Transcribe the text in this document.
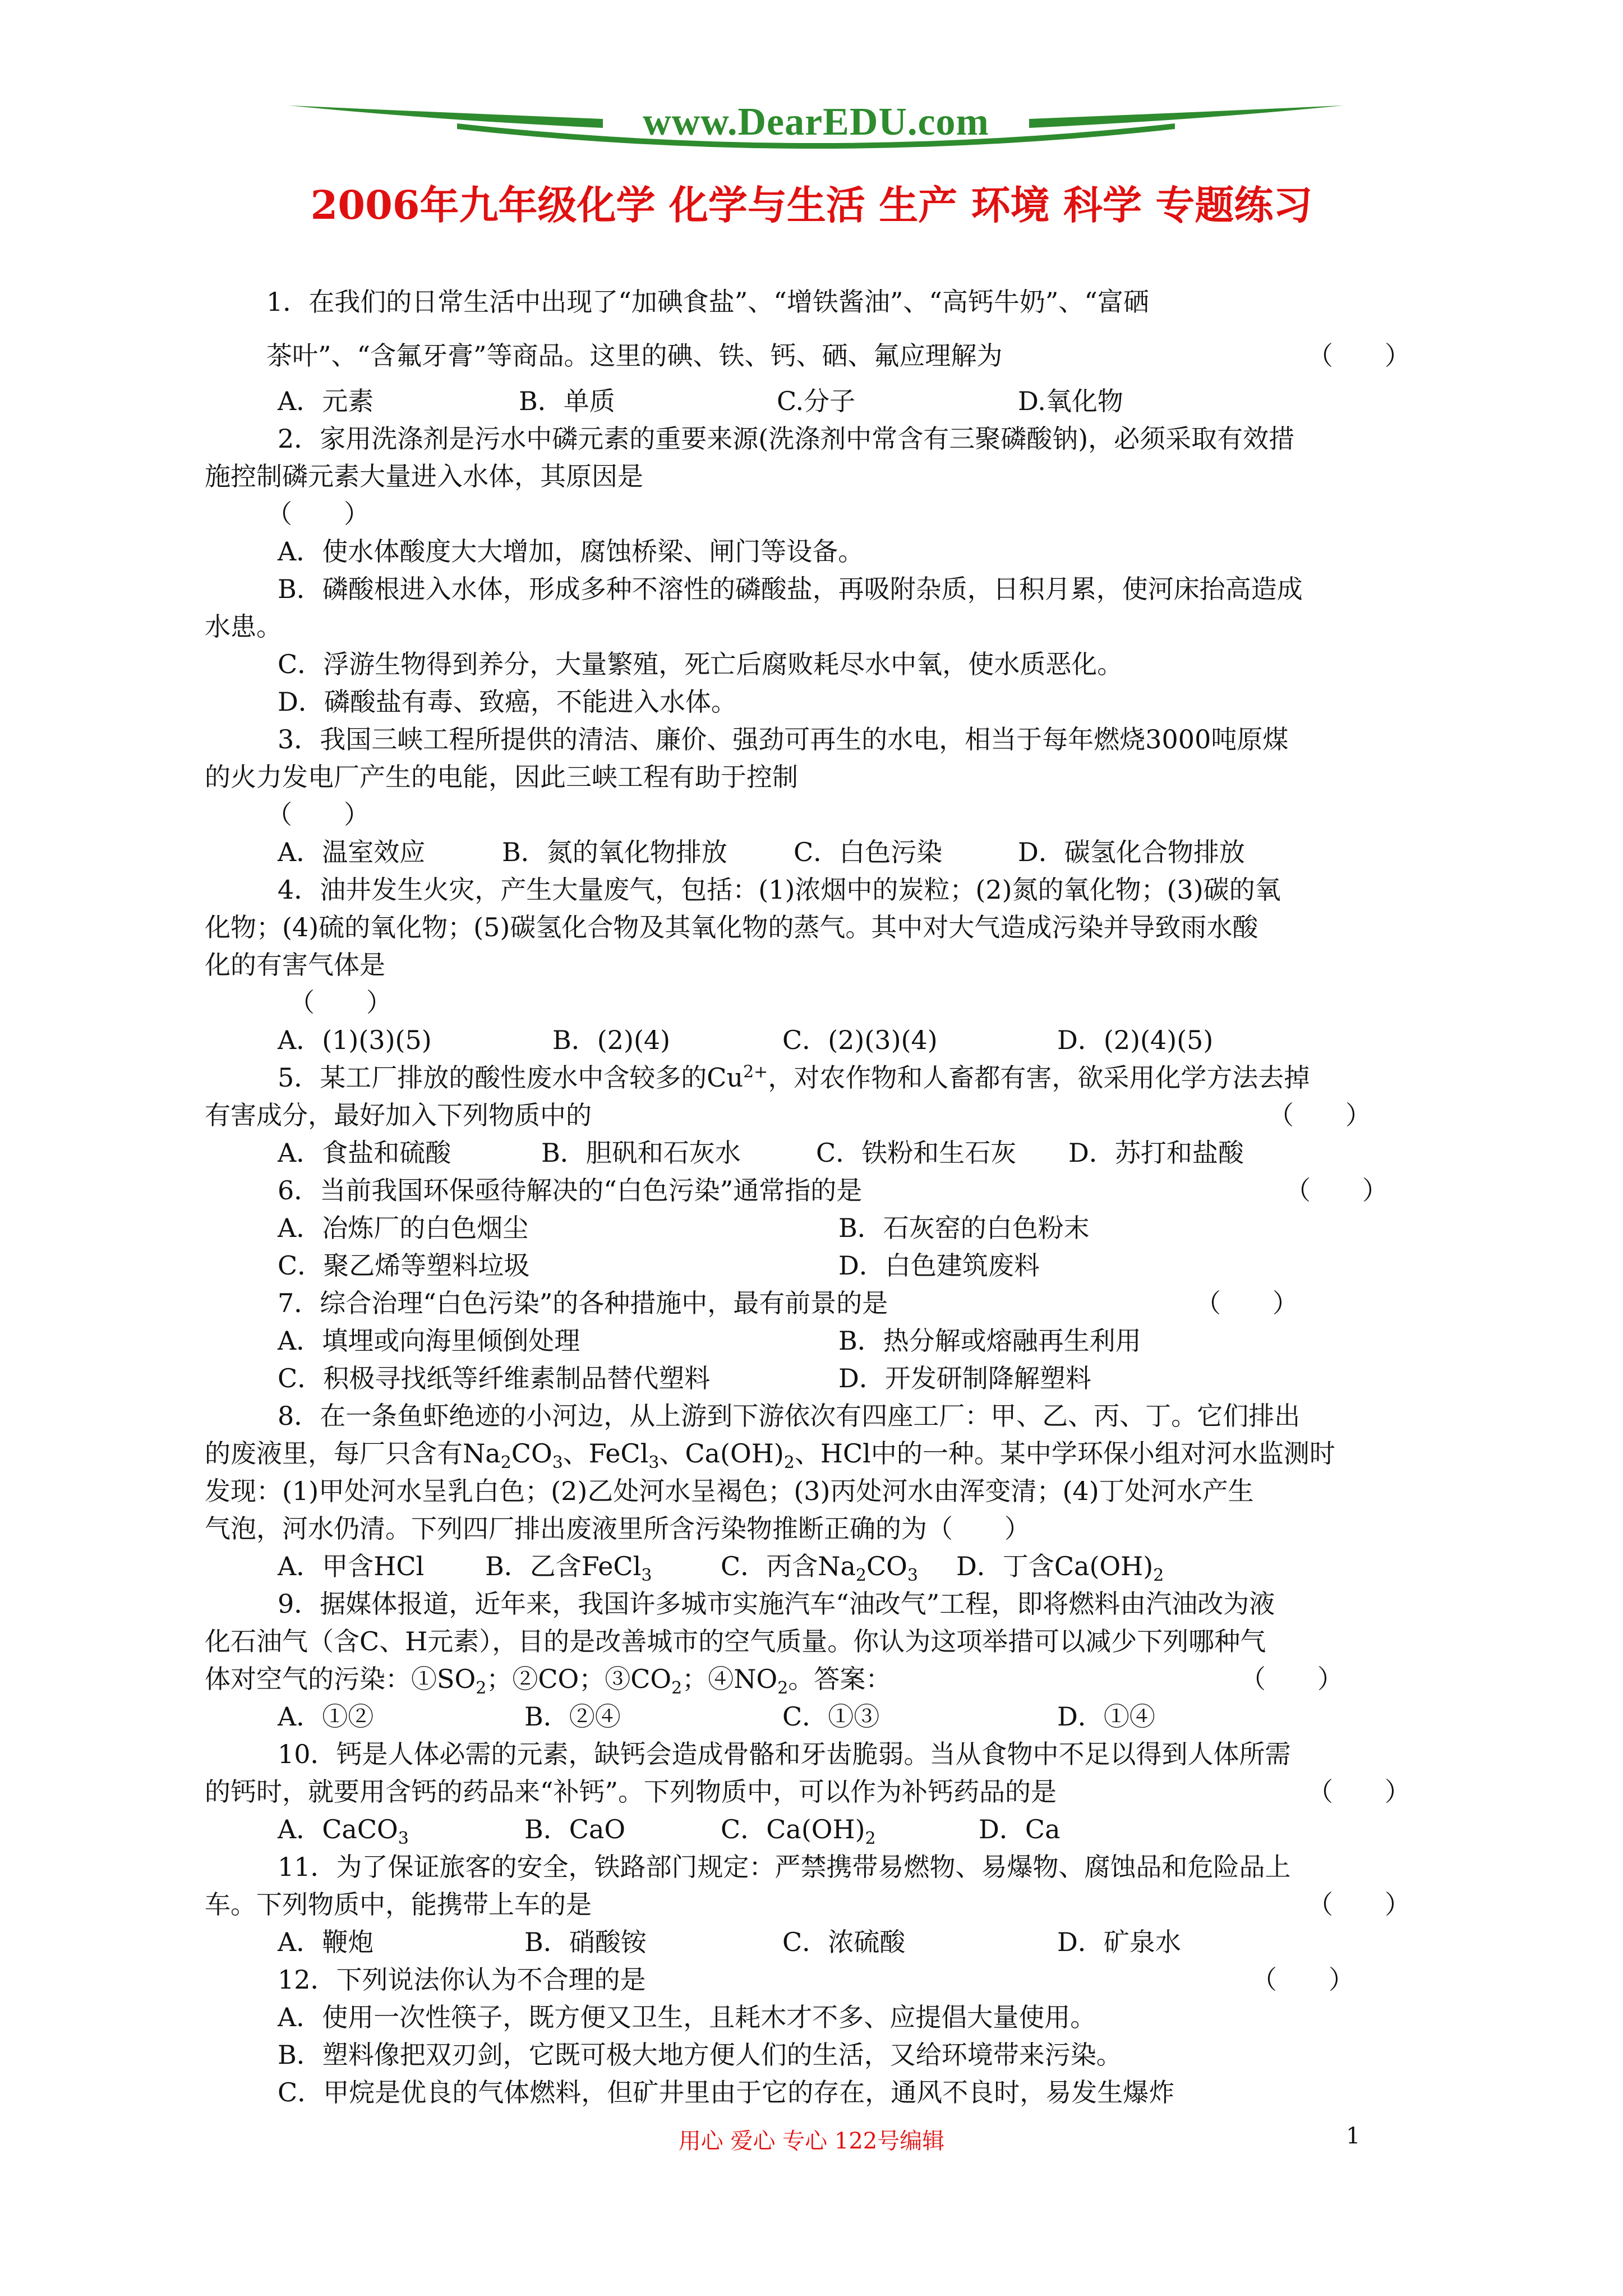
www.DearEDU.com
2006年九年级化学 化学与生活 生产 环境 科学 专题练习
1．在我们的日常生活中出现了“加碘食盐”、“增铁酱油”、“高钙牛奶”、“富硒
茶叶”、“含氟牙膏”等商品。这里的碘、铁、钙、硒、氟应理解为	（　　）
A．元素	B．单质	C.分子	D.氧化物
2．家用洗涤剂是污水中磷元素的重要来源(洗涤剂中常含有三聚磷酸钠)，必须采取有效措
施控制磷元素大量进入水体，其原因是
（　　）
A．使水体酸度大大增加，腐蚀桥梁、闸门等设备。
B．磷酸根进入水体，形成多种不溶性的磷酸盐，再吸附杂质，日积月累，使河床抬高造成
水患。
C．浮游生物得到养分，大量繁殖，死亡后腐败耗尽水中氧，使水质恶化。
D．磷酸盐有毒、致癌，不能进入水体。
3．我国三峡工程所提供的清洁、廉价、强劲可再生的水电，相当于每年燃烧3000吨原煤
的火力发电厂产生的电能，因此三峡工程有助于控制
（　　）
A．温室效应	B．氮的氧化物排放	C．白色污染	D．碳氢化合物排放
4．油井发生火灾，产生大量废气，包括：(1)浓烟中的炭粒；(2)氮的氧化物；(3)碳的氧
化物；(4)硫的氧化物；(5)碳氢化合物及其氧化物的蒸气。其中对大气造成污染并导致雨水酸
化的有害气体是
（　　）
A．(1)(3)(5)	B．(2)(4)	C．(2)(3)(4)	D．(2)(4)(5)
5．某工厂排放的酸性废水中含较多的$Cu^{2+}$，对农作物和人畜都有害，欲采用化学方法去掉
有害成分，最好加入下列物质中的	（　　）
A．食盐和硫酸	B．胆矾和石灰水	C．铁粉和生石灰 D．苏打和盐酸
6．当前我国环保亟待解决的“白色污染”通常指的是	（　　）
A．冶炼厂的白色烟尘	B．石灰窑的白色粉末
C．聚乙烯等塑料垃圾	D．白色建筑废料
7．综合治理“白色污染”的各种措施中，最有前景的是	（　　）
A．填埋或向海里倾倒处理	B．热分解或熔融再生利用
C．积极寻找纸等纤维素制品替代塑料	D．开发研制降解塑料
8．在一条鱼虾绝迹的小河边，从上游到下游依次有四座工厂：甲、乙、丙、丁。它们排出
的废液里，每厂只含有$Na_2CO_3$、FeCl$_3$、$Ca(OH)_2$、HCl中的一种。某中学环保小组对河水监测时
发现：(1)甲处河水呈乳白色；(2)乙处河水呈褐色；(3)丙处河水由浑变清；(4)丁处河水产生
气泡，河水仍清。下列四厂排出废液里所含污染物推断正确的为（　　）
A．甲含HCl B．乙含FeCl$_3$	C．丙含$Na_2CO_3$ D．丁含$Ca(OH)_2$
9．据媒体报道，近年来，我国许多城市实施汽车“油改气”工程，即将燃料由汽油改为液
化石油气（含C、H元素），目的是改善城市的空气质量。你认为这项举措可以减少下列哪种气
体对空气的污染：$①SO_2$；②CO；$③CO_2$；$④NO_2$。答案：	（　　）
A．①②	B．②④	C．①③	D．①④
10．钙是人体必需的元素，缺钙会造成骨骼和牙齿脆弱。当从食物中不足以得到人体所需
的钙时，就要用含钙的药品来“补钙”。下列物质中，可以作为补钙药品的是	（　　）
A．CaCO$_3$	B．CaO	C．$Ca(OH)_2$	D．Ca
11．为了保证旅客的安全，铁路部门规定：严禁携带易燃物、易爆物、腐蚀品和危险品上
车。下列物质中，能携带上车的是	（　　）
A．鞭炮	B．硝酸铵	C．浓硫酸	D．矿泉水
12．下列说法你认为不合理的是	（　　）
A．使用一次性筷子，既方便又卫生，且耗木才不多、应提倡大量使用。
B．塑料像把双刃剑，它既可极大地方便人们的生活，又给环境带来污染。
C．甲烷是优良的气体燃料，但矿井里由于它的存在，通风不良时，易发生爆炸
用心 爱心 专心 122号编辑	1
